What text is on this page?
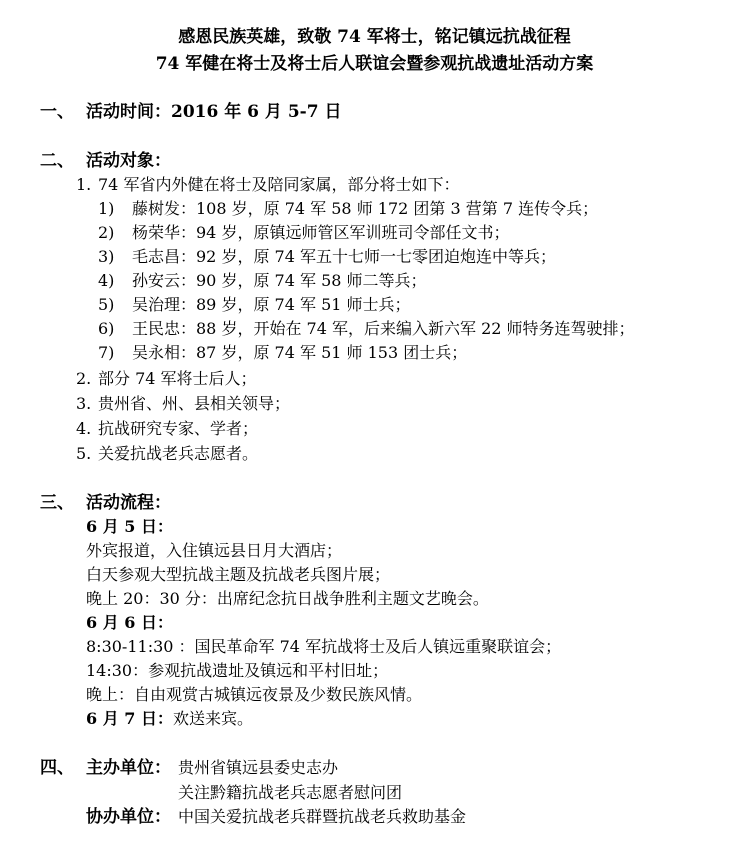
感恩民族英雄，致敬 74 军将士，铭记镇远抗战征程
74 军健在将士及将士后人联谊会暨参观抗战遗址活动方案
一、 活动时间：2016 年 6 月 5-7 日
二、 活动对象：
1. 74 军省内外健在将士及陪同家属，部分将士如下：
1) 藤树发：108 岁，原 74 军 58 师 172 团第 3 营第 7 连传令兵；
2) 杨荣华：94 岁，原镇远师管区军训班司令部任文书；
3) 毛志昌：92 岁，原 74 军五十七师一七零团迫炮连中等兵；
4) 孙安云：90 岁，原 74 军 58 师二等兵；
5) 吴治理：89 岁，原 74 军 51 师士兵；
6) 王民忠：88 岁，开始在 74 军，后来编入新六军 22 师特务连驾驶排；
7) 吴永相：87 岁，原 74 军 51 师 153 团士兵；
2. 部分 74 军将士后人；
3. 贵州省、州、县相关领导；
4. 抗战研究专家、学者；
5. 关爱抗战老兵志愿者。
三、 活动流程：
6 月 5 日：
外宾报道，入住镇远县日月大酒店；
白天参观大型抗战主题及抗战老兵图片展；
晚上 20：30 分：出席纪念抗日战争胜利主题文艺晚会。
6 月 6 日：
8:30-11:30 ：国民革命军 74 军抗战将士及后人镇远重聚联谊会；
14:30：参观抗战遗址及镇远和平村旧址；
晚上：自由观赏古城镇远夜景及少数民族风情。
6 月 7 日：欢送来宾。
四、 主办单位： 贵州省镇远县委史志办
关注黔籍抗战老兵志愿者慰问团
协办单位： 中国关爱抗战老兵群暨抗战老兵救助基金
